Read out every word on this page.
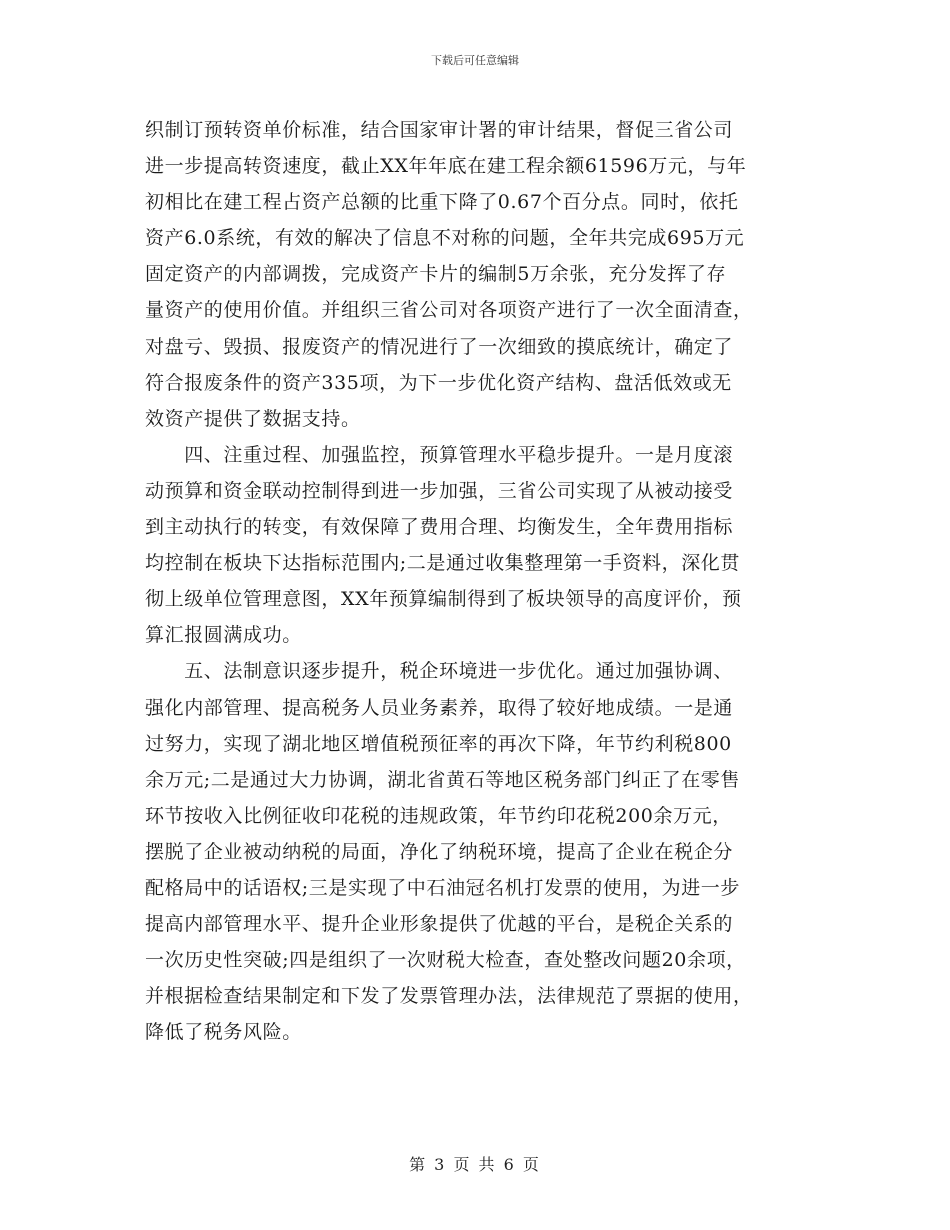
下载后可任意编辑
织制订预转资单价标准，结合国家审计署的审计结果，督促三省公司
进一步提高转资速度，截止XX年年底在建工程余额61596万元，与年
初相比在建工程占资产总额的比重下降了0.67个百分点。同时，依托
资产6.0系统，有效的解决了信息不对称的问题，全年共完成695万元
固定资产的内部调拨，完成资产卡片的编制5万余张，充分发挥了存
量资产的使用价值。并组织三省公司对各项资产进行了一次全面清查，
对盘亏、毁损、报废资产的情况进行了一次细致的摸底统计，确定了
符合报废条件的资产335项，为下一步优化资产结构、盘活低效或无
效资产提供了数据支持。
　　四、注重过程、加强监控，预算管理水平稳步提升。一是月度滚
动预算和资金联动控制得到进一步加强，三省公司实现了从被动接受
到主动执行的转变，有效保障了费用合理、均衡发生，全年费用指标
均控制在板块下达指标范围内;二是通过收集整理第一手资料，深化贯
彻上级单位管理意图，XX年预算编制得到了板块领导的高度评价，预
算汇报圆满成功。
　　五、法制意识逐步提升，税企环境进一步优化。通过加强协调、
强化内部管理、提高税务人员业务素养，取得了较好地成绩。一是通
过努力，实现了湖北地区增值税预征率的再次下降，年节约利税800
余万元;二是通过大力协调，湖北省黄石等地区税务部门纠正了在零售
环节按收入比例征收印花税的违规政策，年节约印花税200余万元，
摆脱了企业被动纳税的局面，净化了纳税环境，提高了企业在税企分
配格局中的话语权;三是实现了中石油冠名机打发票的使用，为进一步
提高内部管理水平、提升企业形象提供了优越的平台，是税企关系的
一次历史性突破;四是组织了一次财税大检查，查处整改问题20余项，
并根据检查结果制定和下发了发票管理办法，法律规范了票据的使用，
降低了税务风险。
第 3 页 共 6 页
